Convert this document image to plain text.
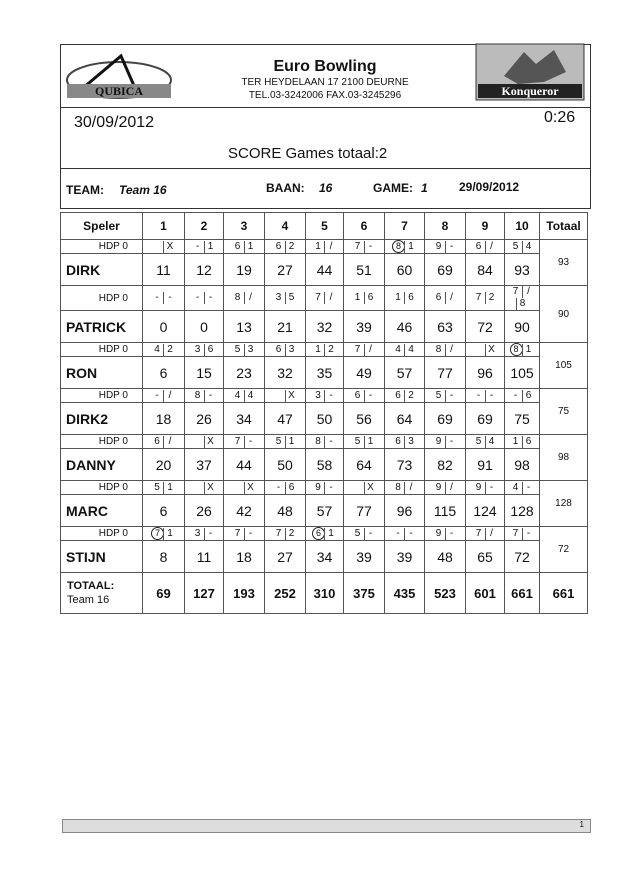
QUBICA
Euro Bowling
TER HEYDELAAN 17 2100 DEURNE
TEL.03-3242006 FAX.03-3245296	Konqueror
30/09/2012	0:26
SCORE Games totaal:2
TEAM: Team 16	BAAN: 16	GAME: 1	29/09/2012
Speler	1	2	3	4	5	6	7	8	9	10	Totaal
HDP 0	X	- 1	6 1	6 2	1 /	7 -	8 1	9 -	6 /	5 4	93
DIRK	11	12	19	27	44	51	60	69	84	93	
HDP 0	- -	- -	8 /	3 5	7 /	1 6	1 6	6 /	7 2	7 /8	90
PATRICK	0	0	13	21	32	39	46	63	72	90	
HDP 0	4 2	3 6	5 3	6 3	1 2	7 /	4 4	8 /	X	8 1	105
RON	6	15	23	32	35	49	57	77	96	105	
HDP 0	- /	8 -	4 4	X	3 -	6 -	6 2	5 -	- -	- 6	75
DIRK2	18	26	34	47	50	56	64	69	69	75	
HDP 0	6 /	X	7 -	5 1	8 -	5 1	6 3	9 -	5 4	1 6	98
DANNY	20	37	44	50	58	64	73	82	91	98	
HDP 0	5 1	X	X	- 6	9 -	X	8 /	9 /	9 -	4 -	128
MARC	6	26	42	48	57	77	96	115	124	128	
HDP 0	7 1	3 -	7 -	7 2	6 1	5 -	- -	9 -	7 /	7 -	72
STIJN	8	11	18	27	34	39	39	48	65	72	

TOTAAL:
Team 16	69	127	193	252	310	375	435	523	601	661	661
1
